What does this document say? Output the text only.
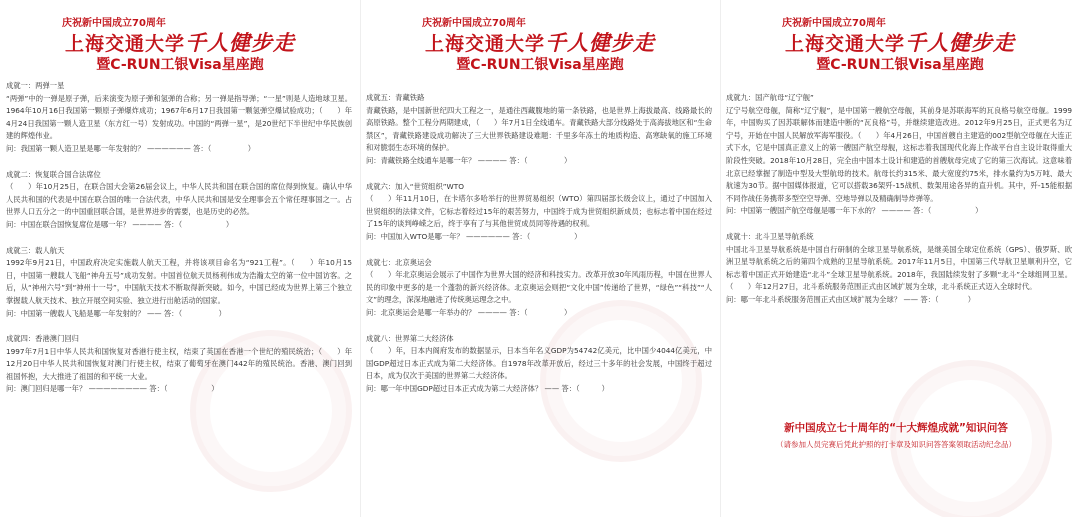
庆祝新中国成立70周年
上海交通大学千人健步走
暨C-RUN工银Visa星座跑
成就一：两弹一星
“两弹”中的一弹是原子弹，后来演变为原子弹和氢弹的合称；另一弹是指导弹；“一星”则是人造地球卫星。1964年10月16日我国第一颗原子弹爆炸成功；1967年6月17日我国第一颗氢弹空爆试验成功；（　　）年4月24日我国第一颗人造卫星（东方红一号）发射成功。中国的“两弹一星”，是20世纪下半世纪中华民族创建的辉煌伟业。
问：我国第一颗人造卫星是哪一年发射的？ —————— 答：（　　　　　）
成就二：恢复联合国合法席位
（　　）年10月25日，在联合国大会第26届会议上，中华人民共和国在联合国的席位得到恢复。确认中华人民共和国的代表是中国在联合国的唯一合法代表，中华人民共和国是安全理事会五个常任理事国之一。占世界人口五分之一的中国重回联合国，是世界进步的需要，也是历史的必然。
问：中国在联合国恢复席位是哪一年？ ———— 答：（　　　　　　）
成就三：载人航天
1992年9月21日，中国政府决定实施载人航天工程，并将该项目命名为“921工程”。（　　）年10月15日，中国第一艘载人飞船“神舟五号”成功发射。中国首位航天员杨利伟成为浩瀚太空的第一位中国访客。之后，从“神州六号”到“神州十一号”，中国航天技术不断取得新突破。如今，中国已经成为世界上第三个独立掌握载人航天技术、独立开展空间实验、独立进行出舱活动的国家。
问：中国第一艘载人飞船是哪一年发射的？ —— 答：（　　　　　）
成就四：香港澳门回归
1997年7月1日中华人民共和国恢复对香港行使主权，结束了英国在香港一个世纪的殖民统治；（　　）年12月20日中华人民共和国恢复对澳门行使主权，结束了葡萄牙在澳门442年的殖民统治。香港、澳门回到祖国怀抱，大大推进了祖国的和平统一大业。
问：澳门回归是哪一年？ ———————— 答：（　　　　　　）
庆祝新中国成立70周年
上海交通大学千人健步走
暨C-RUN工银Visa星座跑
成就五：青藏铁路
青藏铁路，是中国新世纪四大工程之一，是通往西藏腹地的第一条铁路，也是世界上海拔最高、线路最长的高原铁路。整个工程分两期建成，（　　）年7月1日全线通车。青藏铁路大部分线路处于高海拔地区和“生命禁区”，青藏铁路建设成功解决了三大世界铁路建设难题：千里多年冻土的地质构造、高寒缺氧的施工环境和对脆弱生态环境的保护。
问：青藏铁路全线通车是哪一年？ ———— 答：（　　　　　）
成就六：加入“世贸组织”WTO
（　　）年11月10日，在卡塔尔多哈举行的世界贸易组织（WTO）第四届部长级会议上，通过了中国加入世贸组织的法律文件，它标志着经过15年的艰苦努力，中国终于成为世贸组织新成员；也标志着中国在经过了15年的谈判峥嵘之后，终于享有了与其他世贸成员同等待遇的权利。
问：中国加入WTO是哪一年？ —————— 答：（　　　　　　）
成就七：北京奥运会
（　　）年北京奥运会展示了中国作为世界大国的经济和科技实力。改革开放30年风雨历程，中国在世界人民的印象中更多的是一个蓬勃的新兴经济体。北京奥运会则把“文化中国”传递给了世界，“绿色”“科技”“人文”的理念，深深地融进了传统奥运理念之中。
问：北京奥运会是哪一年举办的？ ———— 答：（　　　　　）
成就八：世界第二大经济体
（　　）年，日本内阁府发布的数据显示，日本当年名义GDP为54742亿美元，比中国少4044亿美元，中国GDP超过日本正式成为第二大经济体。自1978年改革开放后，经过三十多年的社会发展，中国终于超过日本，成为仅次于美国的世界第二大经济体。
问：哪一年中国GDP超过日本正式成为第二大经济体？ —— 答：（　　　）
庆祝新中国成立70周年
上海交通大学千人健步走
暨C-RUN工银Visa星座跑
成就九：国产航母“辽宁舰”
辽宁号航空母舰，简称“辽宁舰”，是中国第一艘航空母舰，其前身是苏联海军的瓦良格号航空母舰。1999年，中国购买了因苏联解体而建造中断的“瓦良格”号，并继续建造改进。2012年9月25日，正式更名为辽宁号，开始在中国人民解放军海军服役。（　　）年4月26日，中国首艘自主建造的002型航空母舰在大连正式下水，它是中国真正意义上的第一艘国产航空母舰，这标志着我国现代化海上作战平台自主设计取得重大阶段性突破。2018年10月28日，完全由中国本土设计和建造的首艘航母完成了它的第三次海试。这意味着北京已经掌握了制造中型及大型航母的技术。航母长约315米、最大宽度约75米，排水量约为5万吨、最大航速为30节。据中国媒体报道，它可以搭载36架歼-15战机、数架用途各异的直升机。其中，歼-15能根据不同作战任务携带多型空空导弹、空地导弹以及精确制导炸弹等。
问：中国第一艘国产航空母舰是哪一年下水的？ ———— 答：（　　　　　　）
成就十：北斗卫星导航系统
中国北斗卫星导航系统是中国自行研制的全球卫星导航系统，是继美国全球定位系统（GPS）、俄罗斯、欧洲卫星导航系统之后的第四个成熟的卫星导航系统。2017年11月5日，中国第三代导航卫星顺利升空，它标志着中国正式开始建造“北斗”全球卫星导航系统。2018年，我国陆续发射了多颗“北斗”全球组网卫星。（　　）年12月27日，北斗系统服务范围正式由区域扩展为全球，北斗系统正式迈入全球时代。
问：哪一年北斗系统服务范围正式由区域扩展为全球？ —— 答：（　　　　）
新中国成立七十周年的“十大辉煌成就”知识问答
（请参加人员完赛后凭此护照的打卡章及知识问答答案领取活动纪念品）
